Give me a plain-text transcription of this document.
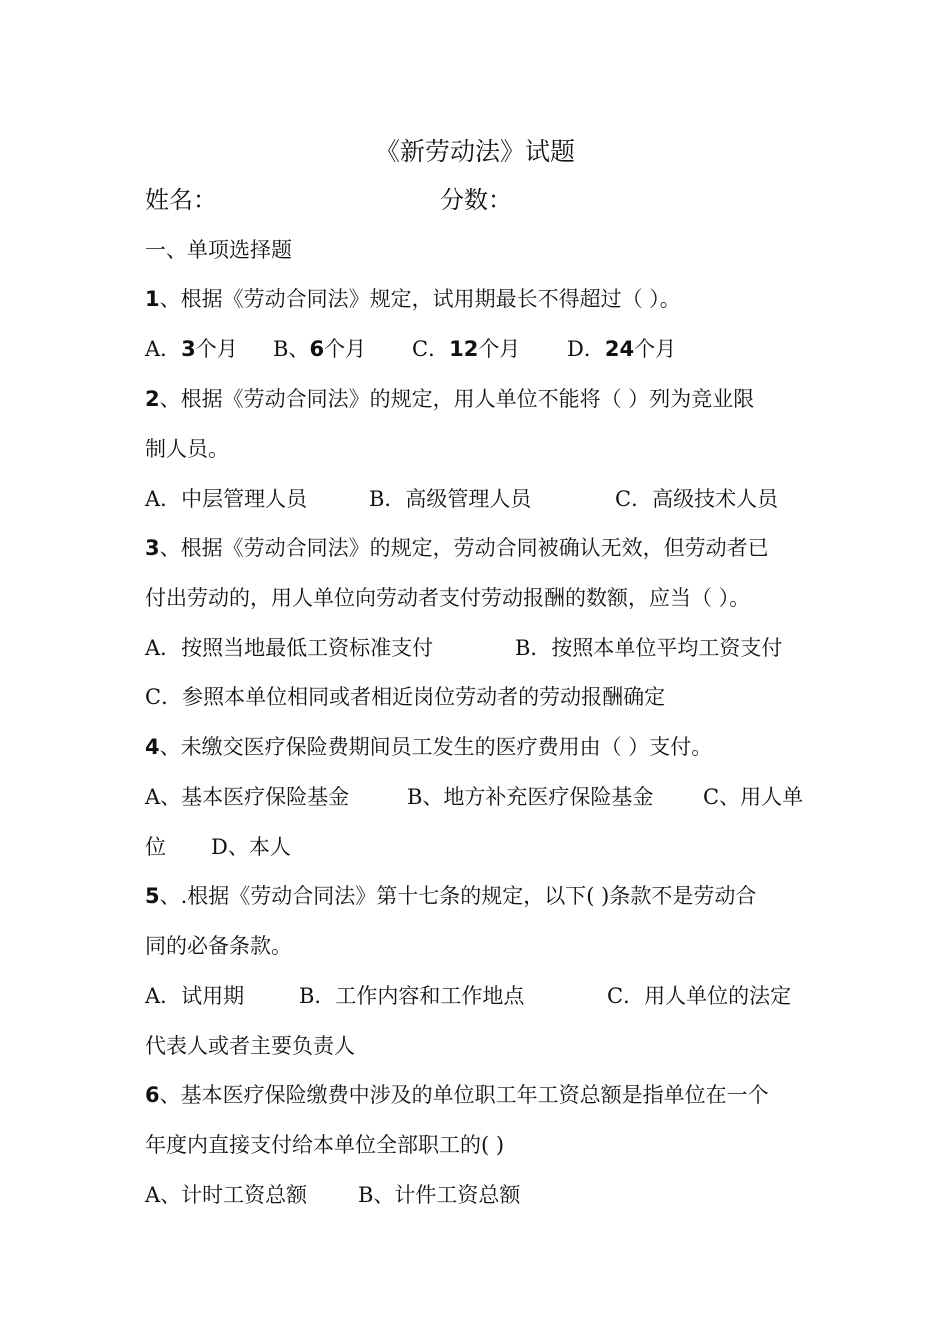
《新劳动法》试题
姓名：	分数：
一、单项选择题
1、根据《劳动合同法》规定，试用期最长不得超过（ ）。
A．3个月 B、6个月 C．12个月 D．24个月
2、根据《劳动合同法》的规定，用人单位不能将（ ）列为竞业限
制人员。
A．中层管理人员	B．高级管理人员	C．高级技术人员
3、根据《劳动合同法》的规定，劳动合同被确认无效，但劳动者已
付出劳动的，用人单位向劳动者支付劳动报酬的数额，应当（ ）。
A．按照当地最低工资标准支付	B．按照本单位平均工资支付
C．参照本单位相同或者相近岗位劳动者的劳动报酬确定
4、未缴交医疗保险费期间员工发生的医疗费用由（ ）支付。
A、基本医疗保险基金	B、地方补充医疗保险基金 C、用人单
位 D、本人
5、.根据《劳动合同法》第十七条的规定，以下( )条款不是劳动合
同的必备条款。
A．试用期	B．工作内容和工作地点	C．用人单位的法定
代表人或者主要负责人
6、基本医疗保险缴费中涉及的单位职工年工资总额是指单位在一个
年度内直接支付给本单位全部职工的( )
A、计时工资总额 B、计件工资总额
